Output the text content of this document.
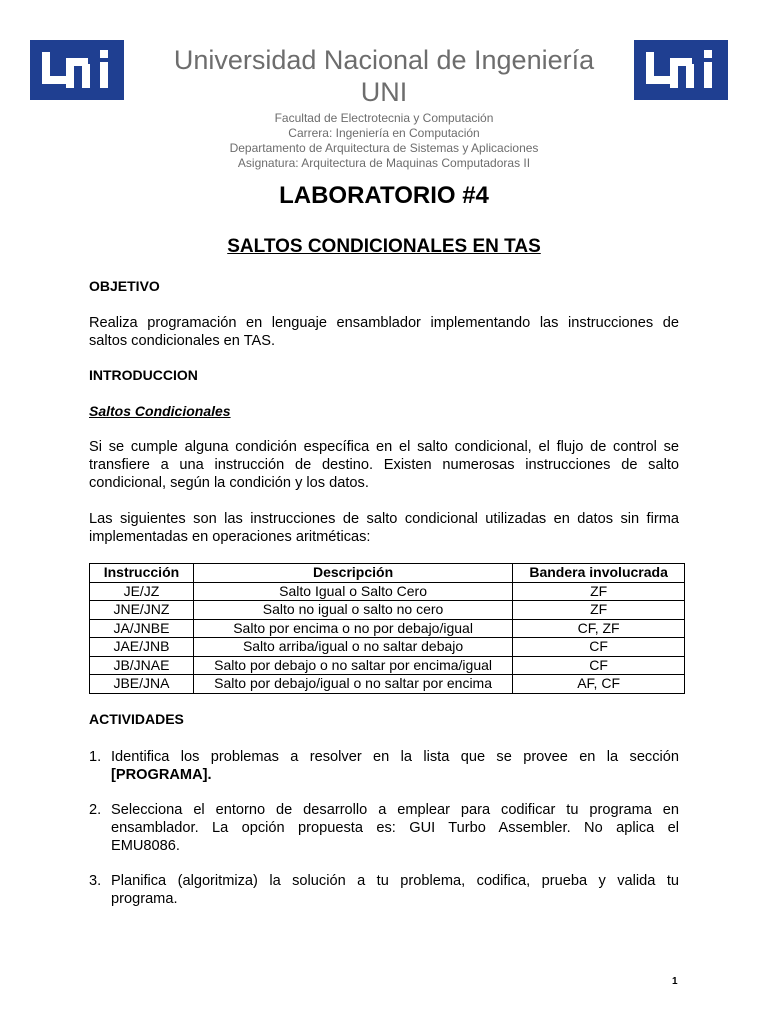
Universidad Nacional de Ingeniería
UNI
Facultad de Electrotecnia y Computación
Carrera: Ingeniería en Computación
Departamento de Arquitectura de Sistemas y Aplicaciones
Asignatura: Arquitectura de Maquinas Computadoras II
LABORATORIO #4
SALTOS CONDICIONALES EN TAS
OBJETIVO
Realiza programación en lenguaje ensamblador implementando las instrucciones de
saltos condicionales en TAS.
INTRODUCCION
Saltos Condicionales
Si se cumple alguna condición específica en el salto condicional, el flujo de control se
transfiere a una instrucción de destino. Existen numerosas instrucciones de salto
condicional, según la condición y los datos.
Las siguientes son las instrucciones de salto condicional utilizadas en datos sin firma
implementadas en operaciones aritméticas:
Instrucción	Descripción	Bandera involucrada
JE/JZ	Salto Igual o Salto Cero	ZF
JNE/JNZ	Salto no igual o salto no cero	ZF
JA/JNBE	Salto por encima o no por debajo/igual	CF, ZF
JAE/JNB	Salto arriba/igual o no saltar debajo	CF
JB/JNAE	Salto por debajo o no saltar por encima/igual	CF
JBE/JNA	Salto por debajo/igual o no saltar por encima	AF, CF
ACTIVIDADES
1. Identifica los problemas a resolver en la lista que se provee en la sección
[PROGRAMA].
2. Selecciona el entorno de desarrollo a emplear para codificar tu programa en
ensamblador. La opción propuesta es: GUI Turbo Assembler. No aplica el
EMU8086.
3. Planifica (algoritmiza) la solución a tu problema, codifica, prueba y valida tu
programa.
1
